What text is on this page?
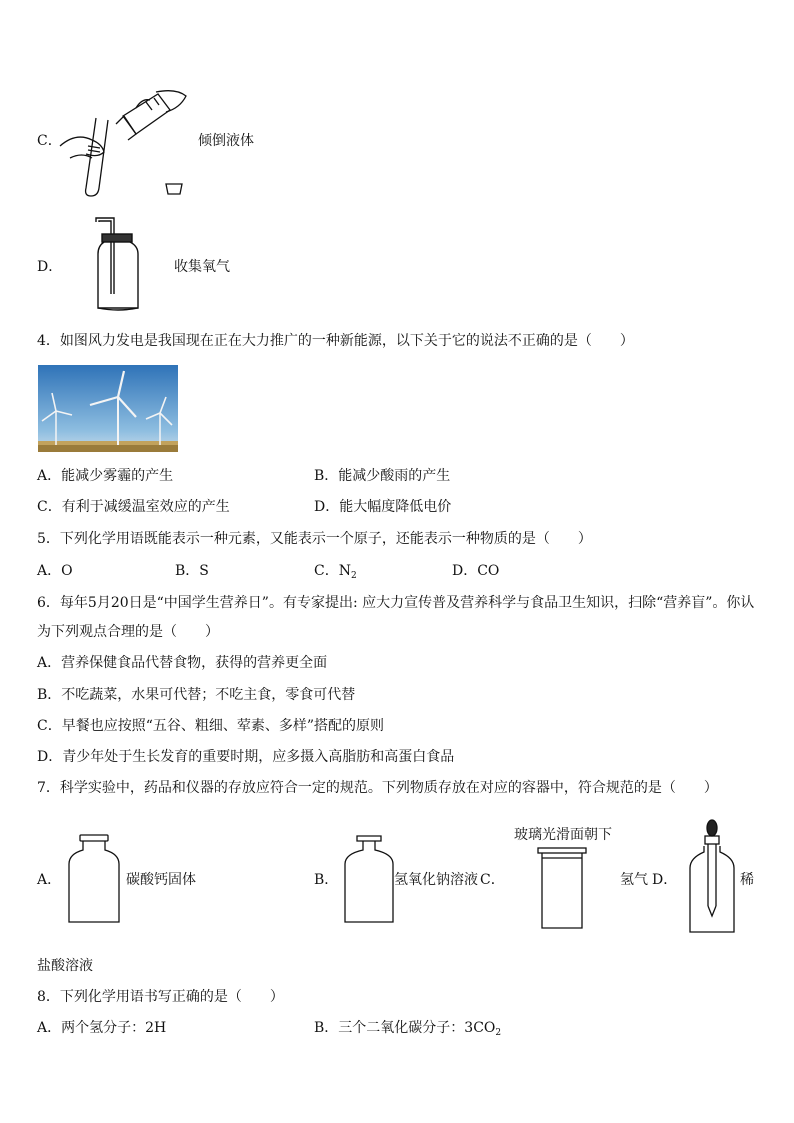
C．	倾倒液体
D．	收集氧气
4．如图风力发电是我国现在正在大力推广的一种新能源，以下关于它的说法不正确的是（　　）
A．能减少雾霾的产生	B．能减少酸雨的产生
C．有利于减缓温室效应的产生	D．能大幅度降低电价
5．下列化学用语既能表示一种元素，又能表示一个原子，还能表示一种物质的是（　　）
A．O	B．S	C．$N_2$	D．CO
6．每年5月20日是“中国学生营养日”。有专家提出: 应大力宣传普及营养科学与食品卫生知识，扫除“营养盲”。你认
为下列观点合理的是（　　）
A．营养保健食品代替食物，获得的营养更全面
B．不吃蔬菜，水果可代替；不吃主食，零食可代替
C．早餐也应按照“五谷、粗细、荤素、多样”搭配的原则
D．青少年处于生长发育的重要时期，应多摄入高脂肪和高蛋白食品
7．科学实验中，药品和仪器的存放应符合一定的规范。下列物质存放在对应的容器中，符合规范的是（　　）
A．	碳酸钙固体	B．	氢氧化钠溶液 C．
玻璃光滑面朝下
氢气 D．	稀
盐酸溶液
8．下列化学用语书写正确的是（　　）
A．两个氢分子：2H	B．三个二氧化碳分子：$3CO_2$
